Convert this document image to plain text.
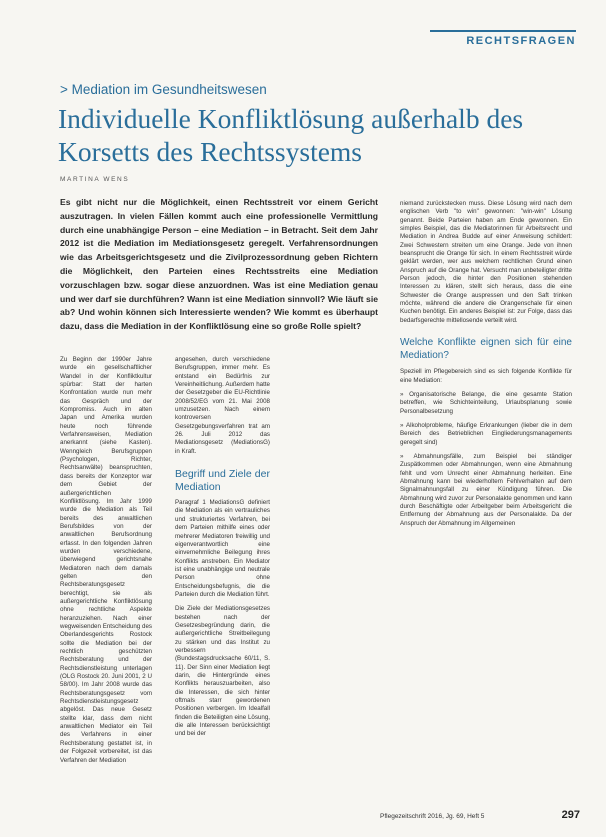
RECHTSFRAGEN
> Mediation im Gesundheitswesen
Individuelle Konfliktlösung außerhalb des Korsetts des Rechtssystems
MARTINA WENS
Es gibt nicht nur die Möglichkeit, einen Rechtsstreit vor einem Gericht auszutragen. In vielen Fällen kommt auch eine professionelle Vermittlung durch eine unabhängige Person – eine Mediation – in Betracht. Seit dem Jahr 2012 ist die Mediation im Mediationsgesetz geregelt. Verfahrensordnungen wie das Arbeitsgerichtsgesetz und die Zivilprozessordnung geben Richtern die Möglichkeit, den Parteien eines Rechtsstreits eine Mediation vorzuschlagen bzw. sogar diese anzuordnen. Was ist eine Mediation genau und wer darf sie durchführen? Wann ist eine Mediation sinnvoll? Wie läuft sie ab? Und wohin können sich Interessierte wenden? Wie kommt es überhaupt dazu, dass die Mediation in der Konfliktlösung eine so große Rolle spielt?

Zu Beginn der 1990er Jahre wurde ein gesellschaftlicher Wandel in der Konfliktkultur spürbar: Statt der harten Konfrontation wurde nun mehr das Gespräch und der Kompromiss. Auch im alten Japan und Amerika wurden heute noch führende Verfahrensweisen, Mediation anerkannt (siehe Kasten). Wenngleich Berufsgruppen (Psychologen, Richter, Rechtsanwälte) beanspruchten, dass bereits der Konzeptor war dem Gebiet der außergerichtlichen Konfliktlösung. Im Jahr 1999 wurde die Mediation als Teil bereits des anwaltlichen Berufsbildes von der anwaltlichen Berufsordnung erfasst. In den folgenden Jahren wurden verschiedene, überwiegend gerichtsnahe Mediatoren nach dem damals gelten den Rechtsberatungsgesetz berechtigt, sie als außergerichtliche Konfliktlösung ohne rechtliche Aspekte heranzuziehen. Nach einer wegweisenden Entscheidung des Oberlandesgerichts Rostock sollte die Mediation bei der rechtlich geschützten Rechtsberatung und der Rechtsdienstleistung unterlagen (OLG Rostock 20. Juni 2001, 2 U 58/00). Im Jahr 2008 wurde das Rechtsberatungsgesetz vom Rechtsdienstleistungsgesetz abgelöst. Das neue Gesetz stellte klar, dass dem nicht anwaltlichen Mediator ein Teil des Verfahrens in einer Rechtsberatung gestattet ist, in der Folgezeit vorbereitet, ist das Verfahren der Mediation

angesehen, durch verschiedene Berufsgruppen, immer mehr. Es entstand ein Bedürfnis zur Vereinheitlichung. Außerdem hatte der Gesetzgeber die EU-Richtlinie 2008/52/EG vom 21. Mai 2008 umzusetzen. Nach einem kontroversen Gesetzgebungsverfahren trat am 26. Juli 2012 das Mediationsgesetz (MediationsG) in Kraft.

Begriff und Ziele der Mediation

Paragraf 1 MediationsG definiert die Mediation als ein vertrauliches und strukturiertes Verfahren, bei dem Parteien mithilfe eines oder mehrerer Mediatoren freiwillig und eigenverantwortlich eine einvernehmliche Beilegung ihres Konflikts anstreben. Ein Mediator ist eine unabhängige und neutrale Person ohne Entscheidungsbefugnis, die die Parteien durch die Mediation führt.

Die Ziele der Mediationsgesetzes bestehen nach der Gesetzesbegründung darin, die außergerichtliche Streitbeilegung zu stärken und das Institut zu verbessern (Bundestagsdrucksache 60/11, S. 11). Der Sinn einer Mediation liegt darin, die Hintergründe eines Konflikts herauszuarbeiten, also die Interessen, die sich hinter oftmals starr gewordenen Positionen verbergen. Im Idealfall finden die Beteiligten eine Lösung, die alle Interessen berücksichtigt und bei der

niemand zurückstecken muss. Diese Lösung wird nach dem englischen Verb "to win" gewonnen: "win-win" Lösung genannt. Beide Parteien haben am Ende gewonnen. Ein simples Beispiel, das die Mediatorinnen für Arbeitsrecht und Mediation in Andrea Budde auf einer Anweisung schildert: Zwei Schwestern streiten um eine Orange. Jede von ihnen beansprucht die Orange für sich. In einem Rechtsstreit würde geklärt werden, wer aus welchem rechtlichen Grund einen Anspruch auf die Orange hat. Versucht man unbeteiligter dritte Person jedoch, die hinter den Positionen stehenden Interessen zu klären, stellt sich heraus, dass die eine Schwester die Orange auspressen und den Saft trinken möchte, während die andere die Orangenschale für einen Kuchen benötigt. Ein anderes Beispiel ist: zur Folge, dass das bedarfsgerechte mittellosende verteilt wird.

Welche Konflikte eignen sich für eine Mediation?

Speziell im Pflegebereich sind es sich folgende Konflikte für eine Mediation:

» Organisatorische Belange, die eine gesamte Station betreffen, wie Schichteinteilung, Urlaubsplanung sowie Personalbesetzung

» Alkoholprobleme, häufige Erkrankungen (lieber die in dem Bereich des Betrieblichen Eingliederungsmanagements geregelt sind)

» Abmahnungsfälle, zum Beispiel bei ständiger Zuspätkommen oder Abmahnungen, wenn eine Abmahnung fehlt und vom Unrecht einer Abmahnung herleiten. Eine Abmahnung kann bei wiederholtem Fehlverhalten auf dem Signalmahnungsfall zu einer Kündigung führen. Die Abmahnung wird zuvor zur Personalakte genommen und kann durch Beschäftigte oder Arbeitgeber beim Arbeitsgericht die Entfernung der Abmahnung aus der Personalakte. Da der Anspruch der Abmahnung im Allgemeinen

Pflegezeitschrift 2016, Jg. 69, Heft 5	297
